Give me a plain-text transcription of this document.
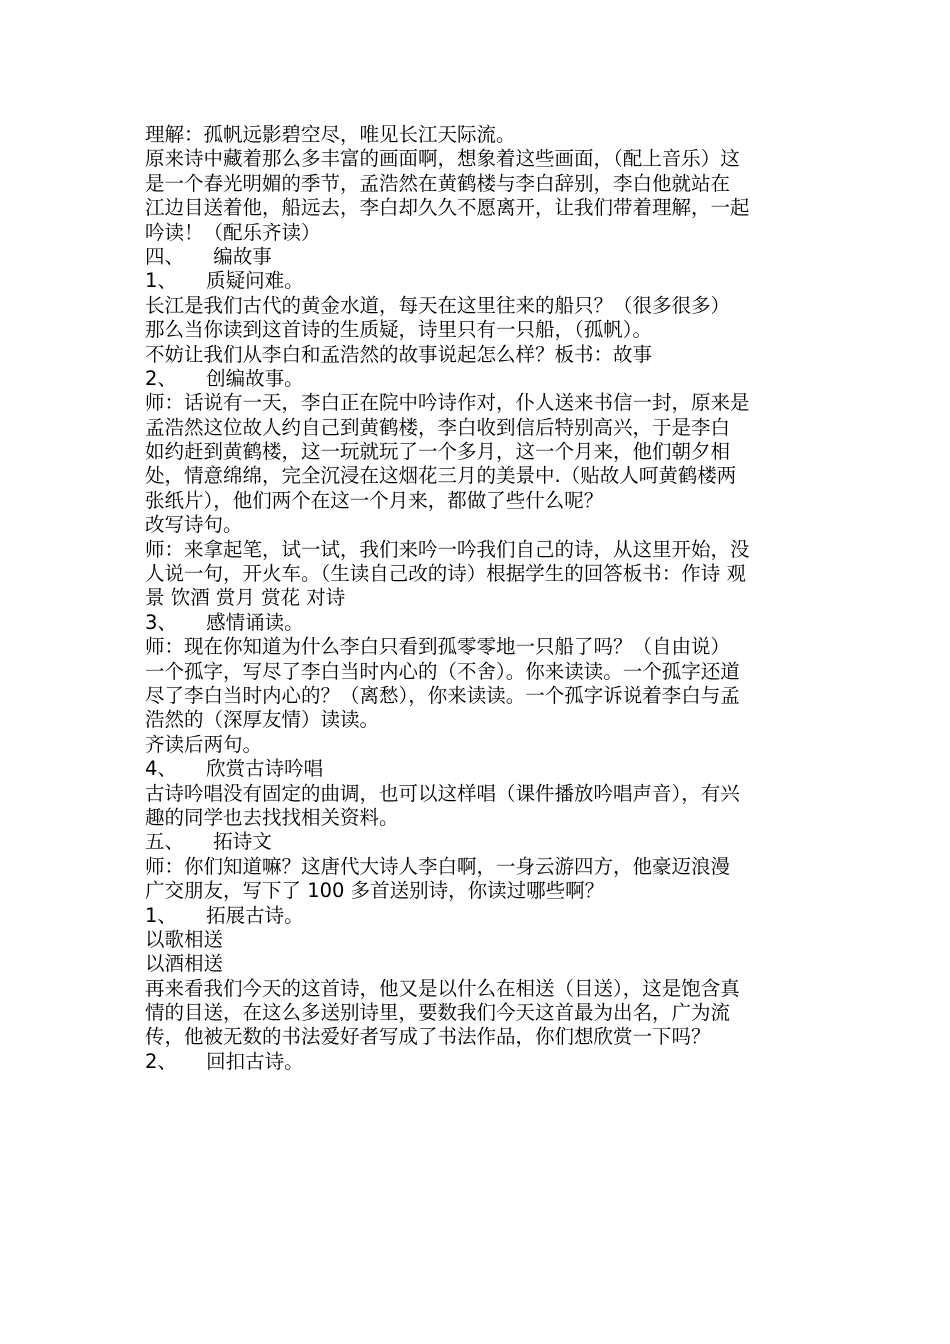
理解：孤帆远影碧空尽，唯见长江天际流。
原来诗中藏着那么多丰富的画面啊，想象着这些画面，（配上音乐）这
是一个春光明媚的季节，孟浩然在黄鹤楼与李白辞别，李白他就站在
江边目送着他，船远去，李白却久久不愿离开，让我们带着理解，一起
吟读！（配乐齐读）
四、　　编故事
1、　　质疑问难。
长江是我们古代的黄金水道，每天在这里往来的船只？（很多很多）
那么当你读到这首诗的生质疑，诗里只有一只船，（孤帆）。
不妨让我们从李白和孟浩然的故事说起怎么样？板书：故事
2、　　创编故事。
师：话说有一天，李白正在院中吟诗作对，仆人送来书信一封，原来是
孟浩然这位故人约自己到黄鹤楼，李白收到信后特别高兴，于是李白
如约赶到黄鹤楼，这一玩就玩了一个多月，这一个月来，他们朝夕相
处，情意绵绵，完全沉浸在这烟花三月的美景中.（贴故人呵黄鹤楼两
张纸片），他们两个在这一个月来，都做了些什么呢？
改写诗句。
师：来拿起笔，试一试，我们来吟一吟我们自己的诗，从这里开始，没
人说一句，开火车。（生读自己改的诗）根据学生的回答板书：作诗 观
景 饮酒 赏月 赏花 对诗
3、　　感情诵读。
师：现在你知道为什么李白只看到孤零零地一只船了吗？（自由说）
一个孤字，写尽了李白当时内心的（不舍）。你来读读。一个孤字还道
尽了李白当时内心的？（离愁），你来读读。一个孤字诉说着李白与孟
浩然的（深厚友情）读读。
齐读后两句。
4、　　欣赏古诗吟唱
古诗吟唱没有固定的曲调，也可以这样唱（课件播放吟唱声音），有兴
趣的同学也去找找相关资料。
五、　　拓诗文
师：你们知道嘛？这唐代大诗人李白啊，一身云游四方，他豪迈浪漫
广交朋友，写下了 100 多首送别诗，你读过哪些啊？
1、　　拓展古诗。
以歌相送
以酒相送
再来看我们今天的这首诗，他又是以什么在相送（目送），这是饱含真
情的目送，在这么多送别诗里，要数我们今天这首最为出名，广为流
传，他被无数的书法爱好者写成了书法作品，你们想欣赏一下吗？
2、　　回扣古诗。
